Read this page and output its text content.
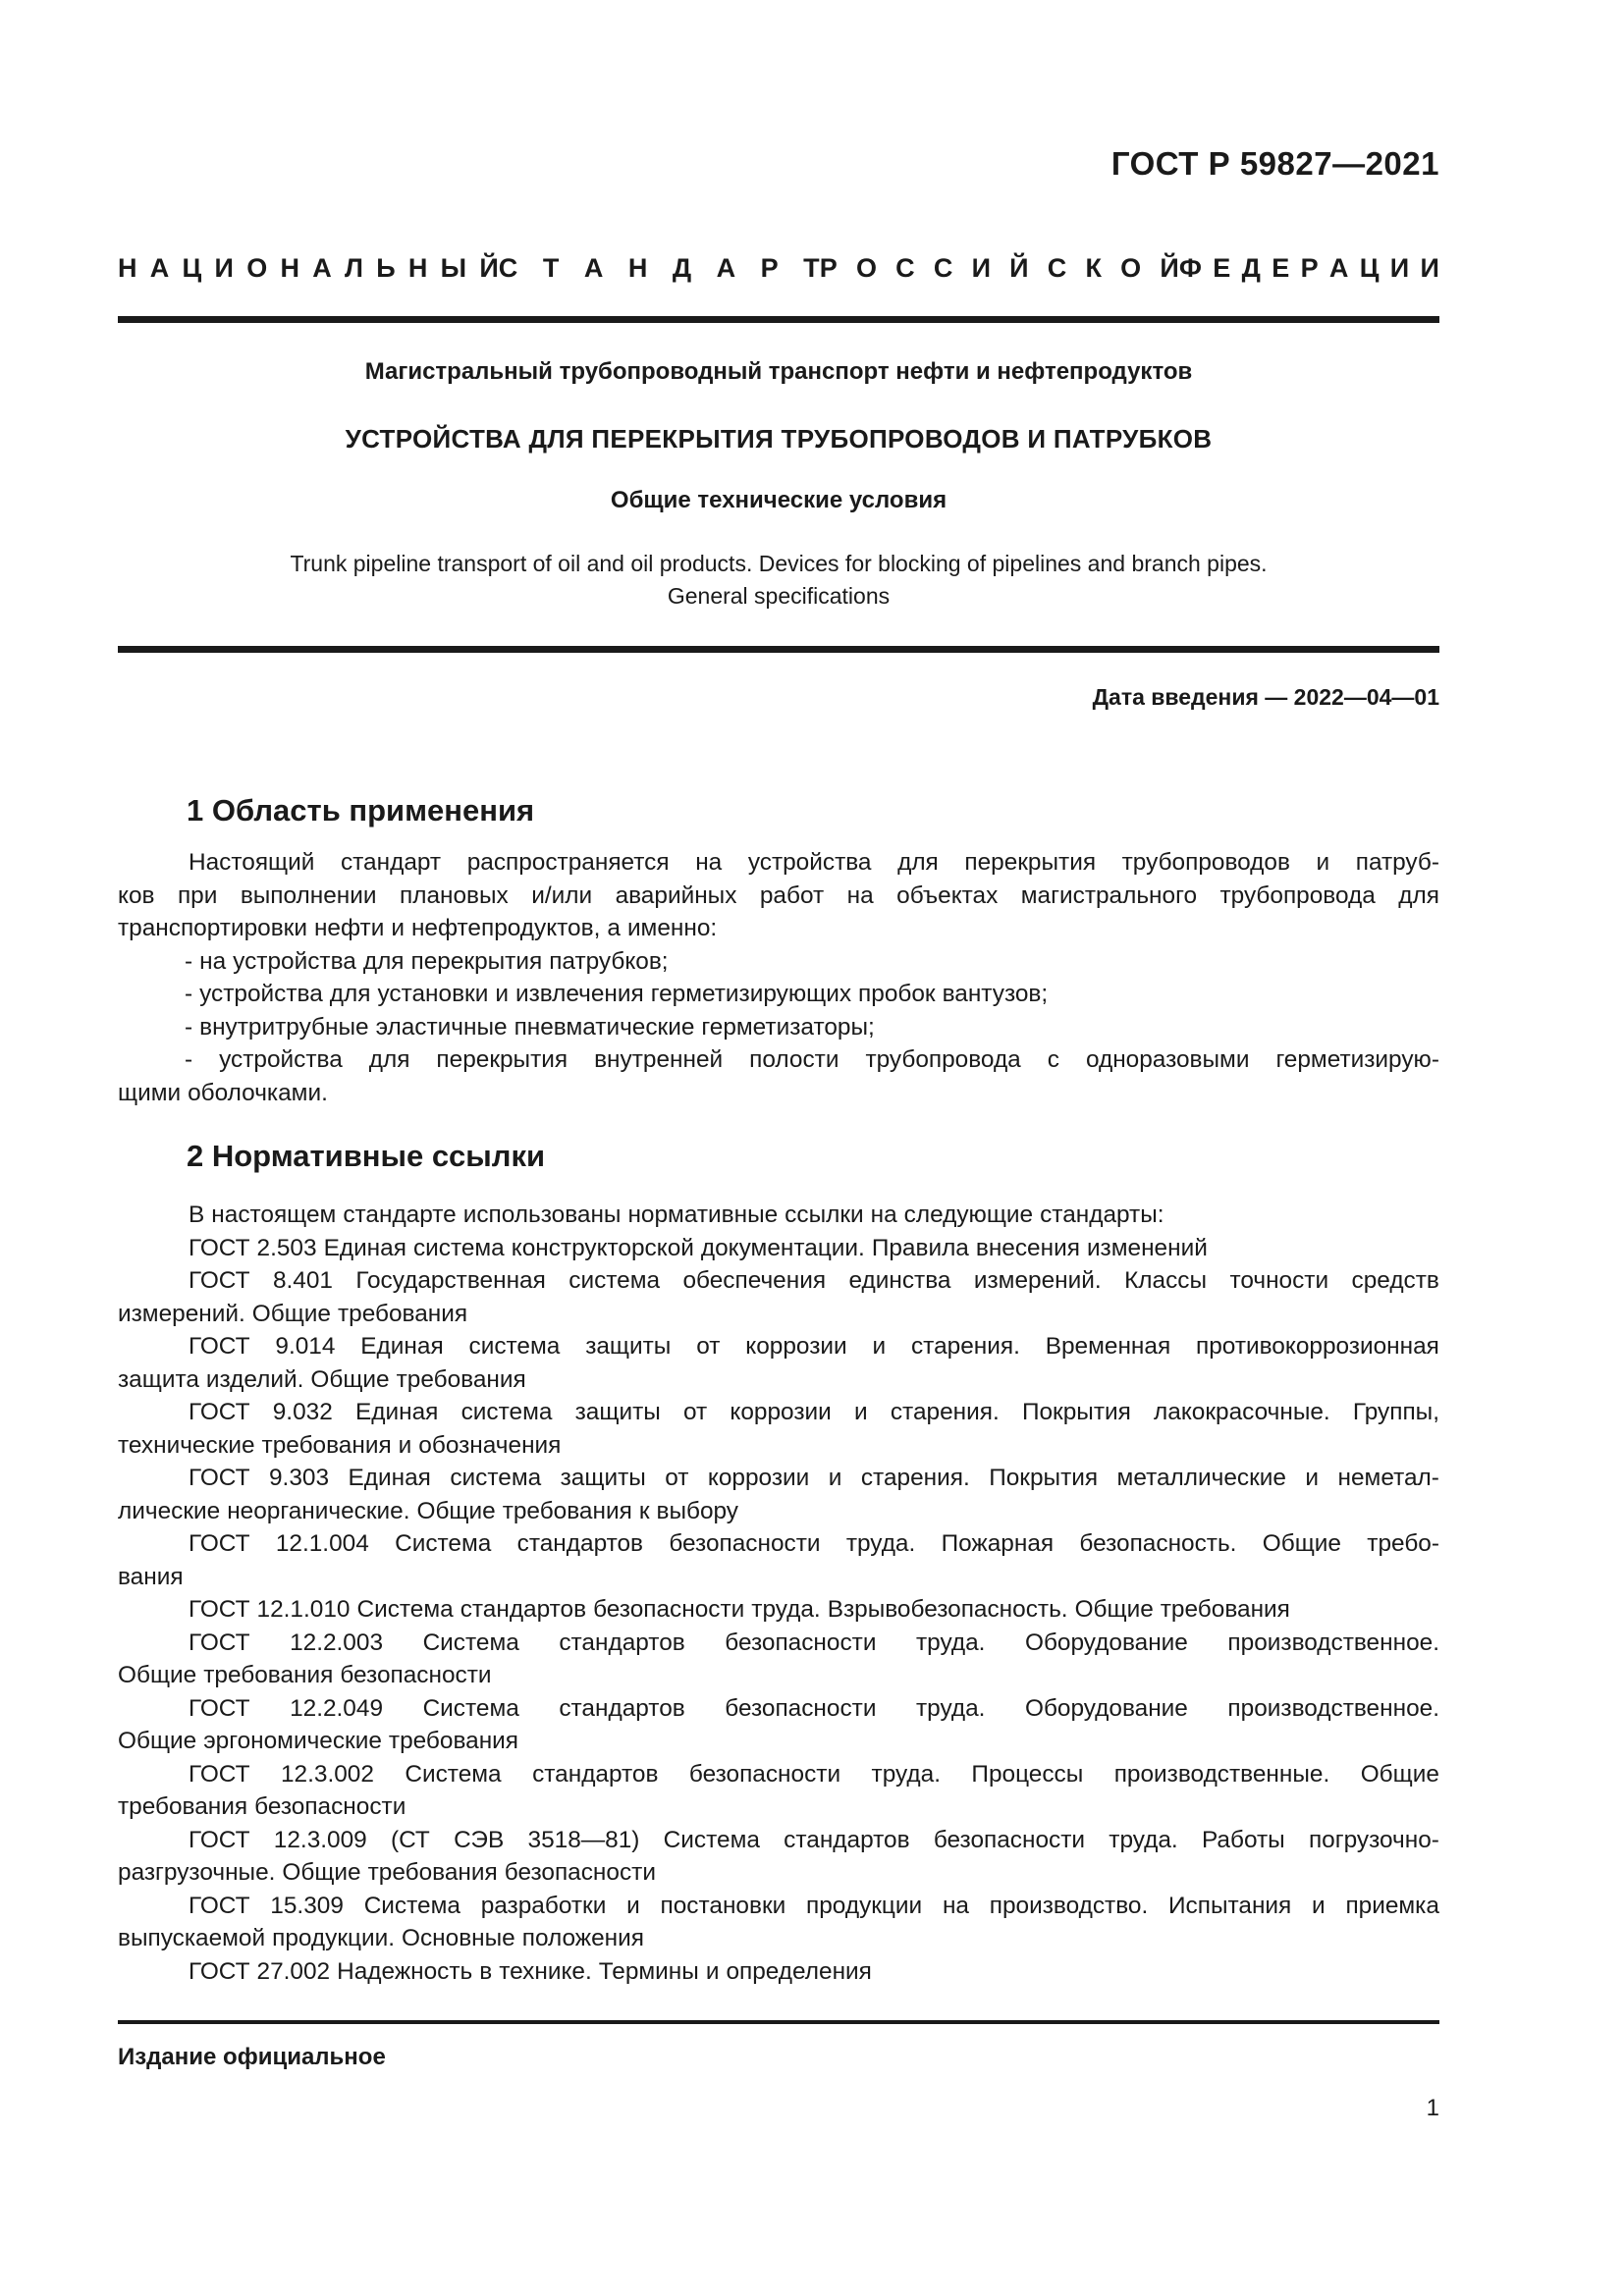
ГОСТ Р 59827—2021
Н А Ц И О Н А Л Ь Н Ы Й С Т А Н Д А Р Т Р О С С И Й С К О Й Ф Е Д Е Р А Ц И И
Магистральный трубопроводный транспорт нефти и нефтепродуктов
УСТРОЙСТВА ДЛЯ ПЕРЕКРЫТИЯ ТРУБОПРОВОДОВ И ПАТРУБКОВ
Общие технические условия
Trunk pipeline transport of oil and oil products. Devices for blocking of pipelines and branch pipes.
General specifications
Дата введения — 2022—04—01
1 Область применения
Настоящий стандарт распространяется на устройства для перекрытия трубопроводов и патруб-
ков при выполнении плановых и/или аварийных работ на объектах магистрального трубопровода для
транспортировки нефти и нефтепродуктов, а именно:
- на устройства для перекрытия патрубков;
- устройства для установки и извлечения герметизирующих пробок вантузов;
- внутритрубные эластичные пневматические герметизаторы;
- устройства для перекрытия внутренней полости трубопровода с одноразовыми герметизирую-
щими оболочками.
2 Нормативные ссылки
В настоящем стандарте использованы нормативные ссылки на следующие стандарты:
ГОСТ 2.503 Единая система конструкторской документации. Правила внесения изменений
ГОСТ 8.401 Государственная система обеспечения единства измерений. Классы точности средств
измерений. Общие требования
ГОСТ 9.014 Единая система защиты от коррозии и старения. Временная противокоррозионная
защита изделий. Общие требования
ГОСТ 9.032 Единая система защиты от коррозии и старения. Покрытия лакокрасочные. Группы,
технические требования и обозначения
ГОСТ 9.303 Единая система защиты от коррозии и старения. Покрытия металлические и неметал-
лические неорганические. Общие требования к выбору
ГОСТ 12.1.004 Система стандартов безопасности труда. Пожарная безопасность. Общие требо-
вания
ГОСТ 12.1.010 Система стандартов безопасности труда. Взрывобезопасность. Общие требования
ГОСТ 12.2.003 Система стандартов безопасности труда. Оборудование производственное.
Общие требования безопасности
ГОСТ 12.2.049 Система стандартов безопасности труда. Оборудование производственное.
Общие эргономические требования
ГОСТ 12.3.002 Система стандартов безопасности труда. Процессы производственные. Общие
требования безопасности
ГОСТ 12.3.009 (СТ СЭВ 3518—81) Система стандартов безопасности труда. Работы погрузочно-
разгрузочные. Общие требования безопасности
ГОСТ 15.309 Система разработки и постановки продукции на производство. Испытания и приемка
выпускаемой продукции. Основные положения
ГОСТ 27.002 Надежность в технике. Термины и определения
Издание официальное
1
